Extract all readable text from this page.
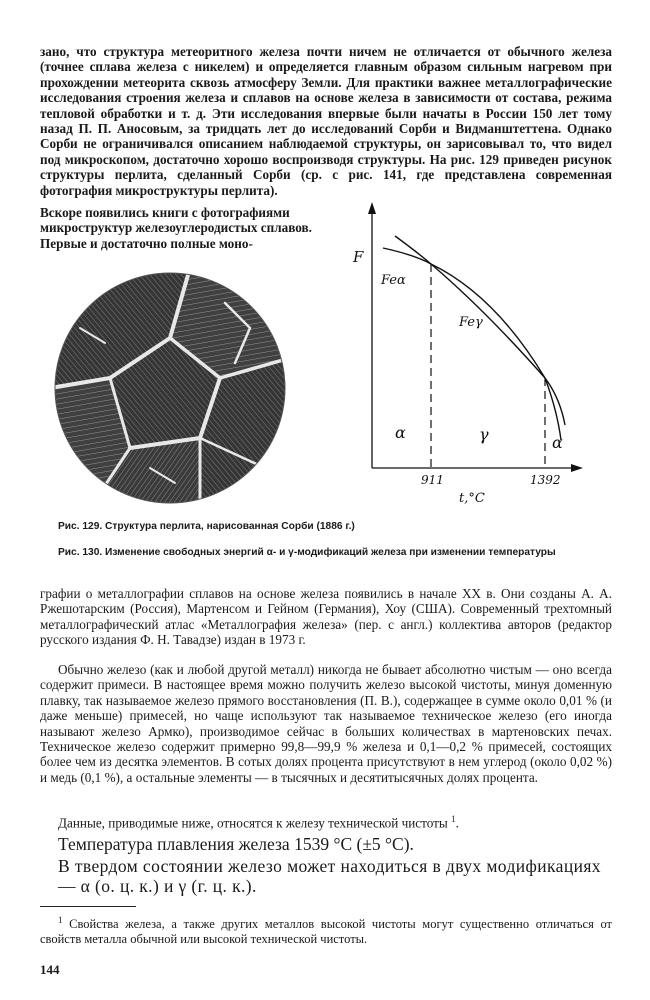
зано, что структура метеоритного железа почти ничем не отличается от обычного железа (точнее сплава железа с никелем) и определяется главным образом сильным нагревом при прохождении метеорита сквозь атмосферу Земли. Для практики важнее металлографические исследования строения железа и сплавов на основе железа в зависимости от состава, режима тепловой обработки и т. д. Эти исследования впервые были начаты в России 150 лет тому назад П. П. Аносовым, за тридцать лет до исследований Сорби и Видманштеттена. Однако Сорби не ограничивался описанием наблюдаемой структуры, он зарисовывал то, что видел под микроскопом, достаточно хорошо воспроизводя структуры. На рис. 129 приведен рисунок структуры перлита, сделанный Сорби (ср. с рис. 141, где представлена современная фотография микроструктуры перлита).

Вскоре появились книги с фотографиями микроструктур железоуглеродистых сплавов. Первые и достаточно полные моно-

F
Feα
Feγ
α	γ	α
911	1392
t,°C

Рис. 129. Структура перлита, нарисованная Сорби (1886 г.)

Рис. 130. Изменение свободных энергий α- и γ-модификаций железа при изменении температуры

графии о металлографии сплавов на основе железа появились в начале XX в. Они созданы А. А. Ржешотарским (Россия), Мартенсом и Гейном (Германия), Хоу (США). Современный трехтомный металлографический атлас «Металлография железа» (пер. с англ.) коллектива авторов (редактор русского издания Ф. Н. Тавадзе) издан в 1973 г.

Обычно железо (как и любой другой металл) никогда не бывает абсолютно чистым — оно всегда содержит примеси. В настоящее время можно получить железо высокой чистоты, минуя доменную плавку, так называемое железо прямого восстановления (П. В.), содержащее в сумме около 0,01 % (и даже меньше) примесей, но чаще используют так называемое техническое железо (его иногда называют железо Армко), производимое сейчас в больших количествах в мартеновских печах. Техническое железо содержит примерно 99,8—99,9 % железа и 0,1—0,2 % примесей, состоящих более чем из десятка элементов. В сотых долях процента присутствуют в нем углерод (около 0,02 %) и медь (0,1 %), а остальные элементы — в тысячных и десятитысячных долях процента.

Данные, приводимые ниже, относятся к железу технической чистоты $^1$.

Температура плавления железа 1539 °С (±5 °С).

В твердом состоянии железо может находиться в двух модификациях — α (о. ц. к.) и γ (г. ц. к.).

$^1$ Свойства железа, а также других металлов высокой чистоты могут существенно отличаться от свойств металла обычной или высокой технической чистоты.

144
